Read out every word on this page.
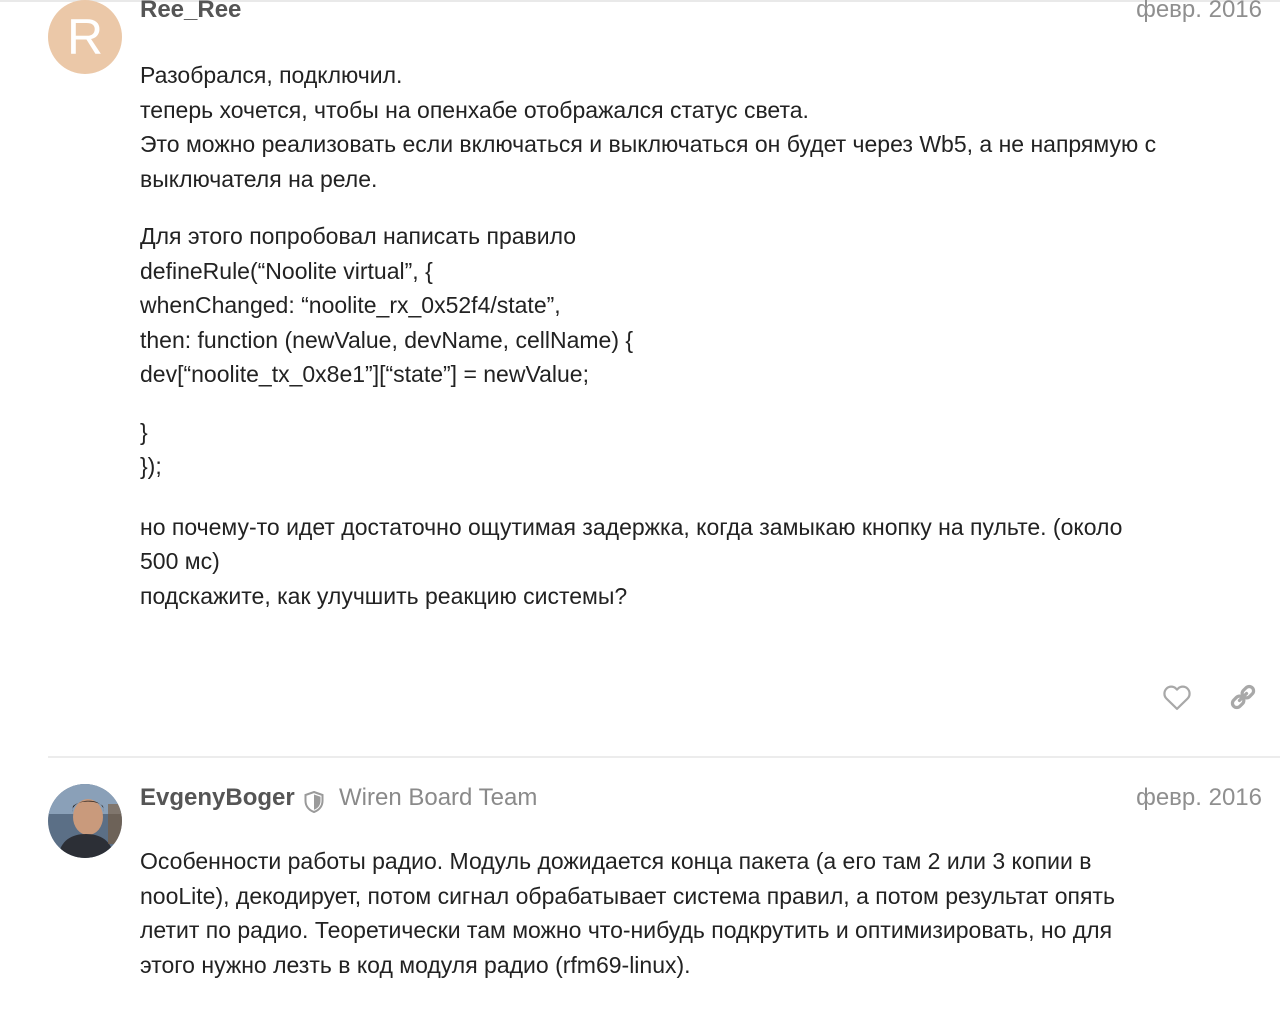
R	Ree_Ree	февр. 2016

Разобрался, подключил.

теперь хочется, чтобы на опенхабе отображался статус света.

Это можно реализовать если включаться и выключаться он будет через Wb5, а не напрямую с

выключателя на реле.

Для этого попробовал написать правило

defineRule(“Noolite virtual”, {

whenChanged: “noolite_rx_0x52f4/state”,

then: function (newValue, devName, cellName) {

dev[“noolite_tx_0x8e1”][“state”] = newValue;

}

});

но почему-то идет достаточно ощутимая задержка, когда замыкаю кнопку на пульте. (около

500 мс)

подскажите, как улучшить реакцию системы?

EvgenyBoger Wiren Board Team	февр. 2016

Особенности работы радио. Модуль дожидается конца пакета (а его там 2 или 3 копии в

nooLite), декодирует, потом сигнал обрабатывает система правил, а потом результат опять

летит по радио. Теоретически там можно что-нибудь подкрутить и оптимизировать, но для

этого нужно лезть в код модуля радио (rfm69-linux).
